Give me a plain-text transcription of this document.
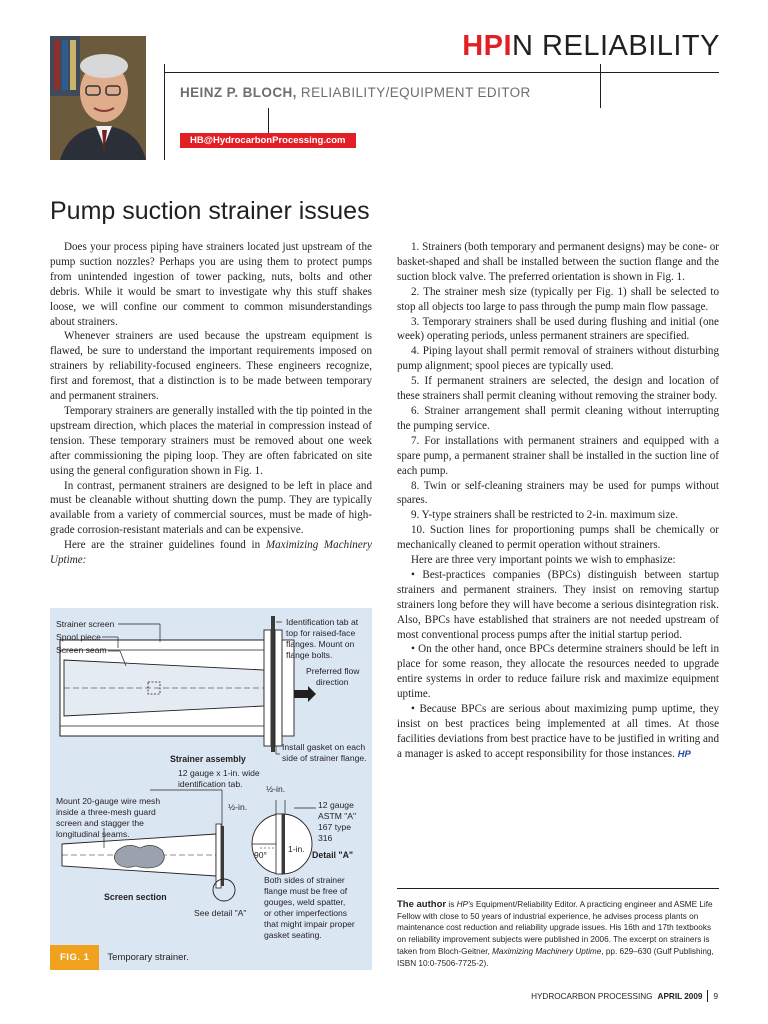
HPIN RELIABILITY
HEINZ P. BLOCH, RELIABILITY/EQUIPMENT EDITOR
HB@HydrocarbonProcessing.com
Pump suction strainer issues

Does your process piping have strainers located just upstream of the pump suction nozzles? Perhaps you are using them to protect pumps from unintended ingestion of tower packing, nuts, bolts and other debris. While it would be smart to investigate why this stuff shakes loose, we will confine our comment to common misunderstandings about strainers.

Whenever strainers are used because the upstream equipment is flawed, be sure to understand the important requirements imposed on strainers by reliability-focused engineers. These engineers recognize, first and foremost, that a distinction is to be made between temporary and permanent strainers.

Temporary strainers are generally installed with the tip pointed in the upstream direction, which places the material in compression instead of tension. These temporary strainers must be removed about one week after commissioning the piping loop. They are often fabricated on site using the general configuration shown in Fig. 1.

In contrast, permanent strainers are designed to be left in place and must be cleanable without shutting down the pump. They are typically available from a variety of commercial sources, must be made of high-grade corrosion-resistant materials and can be expensive.

Here are the strainer guidelines found in Maximizing Machinery Uptime:

Strainer screen
Spool piece
Screen seam
Identification tab at
top for raised-face
flanges. Mount on
flange bolts.
Preferred flow
direction
Strainer assembly
Install gasket on each
side of strainer flange.
12 gauge x 1-in. wide
identification tab.
Mount 20-gauge wire mesh
inside a three-mesh guard
screen and stagger the
longitudinal seams.
½-in.
½-in.
12 gauge
ASTM "A"
167 type
316
1-in.
90°	Detail "A"
Screen section
See detail "A"
Both sides of strainer
flange must be free of
gouges, weld spatter,
or other imperfections
that might impair proper
gasket seating.
FIG. 1	Temporary strainer.

1. Strainers (both temporary and permanent designs) may be cone- or basket-shaped and shall be installed between the suction flange and the suction block valve. The preferred orientation is shown in Fig. 1.

2. The strainer mesh size (typically per Fig. 1) shall be selected to stop all objects too large to pass through the pump main flow passage.

3. Temporary strainers shall be used during flushing and initial (one week) operating periods, unless permanent strainers are specified.

4. Piping layout shall permit removal of strainers without disturbing pump alignment; spool pieces are typically used.

5. If permanent strainers are selected, the design and location of these strainers shall permit cleaning without removing the strainer body.

6. Strainer arrangement shall permit cleaning without interrupting the pumping service.

7. For installations with permanent strainers and equipped with a spare pump, a permanent strainer shall be installed in the suction line of each pump.

8. Twin or self-cleaning strainers may be used for pumps without spares.

9. Y-type strainers shall be restricted to 2-in. maximum size.

10. Suction lines for proportioning pumps shall be chemically or mechanically cleaned to permit operation without strainers.

Here are three very important points we wish to emphasize:

• Best-practices companies (BPCs) distinguish between startup strainers and permanent strainers. They insist on removing startup strainers long before they will have become a serious disintegration risk. Also, BPCs have established that strainers are not needed upstream of most conventional process pumps after the initial startup period.

• On the other hand, once BPCs determine strainers should be left in place for some reason, they allocate the resources needed to upgrade entire systems in order to reduce failure risk and maximize equipment uptime.

• Because BPCs are serious about maximizing pump uptime, they insist on best practices being implemented at all times. At those facilities deviations from best practice have to be justified in writing and a manager is asked to accept responsibility for those instances. HP

The author is HP's Equipment/Reliability Editor. A practicing engineer and ASME Life Fellow with close to 50 years of industrial experience, he advises process plants on maintenance cost reduction and reliability upgrade issues. His 16th and 17th textbooks on reliability improvement subjects were published in 2006. The excerpt on strainers is taken from Bloch-Geitner, Maximizing Machinery Uptime, pp. 629–630 (Gulf Publishing, ISBN 10:0-7506-7725-2).
HYDROCARBON PROCESSING APRIL 2009 9
